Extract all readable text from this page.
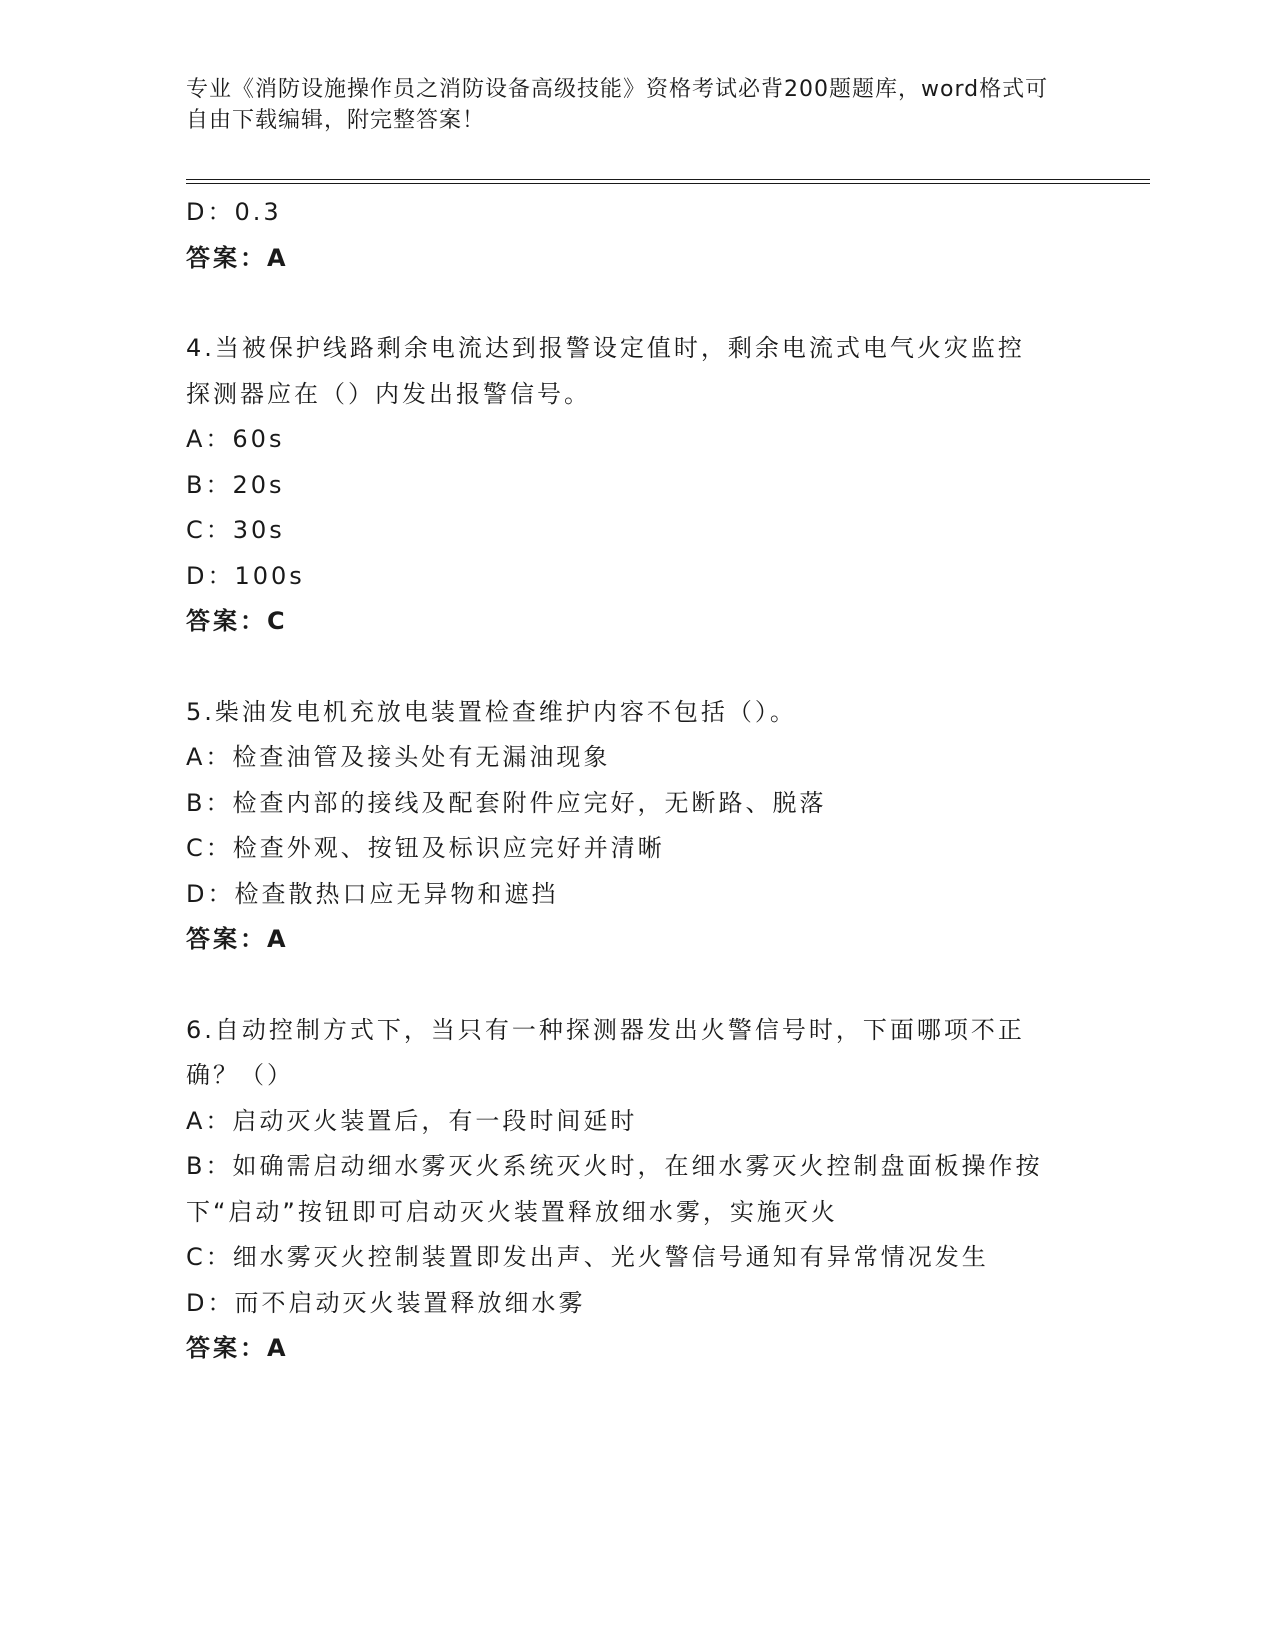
专业《消防设施操作员之消防设备高级技能》资格考试必背200题题库，word格式可自由下载编辑，附完整答案！
D：0.3
答案：A
4.当被保护线路剩余电流达到报警设定值时，剩余电流式电气火灾监控探测器应在（）内发出报警信号。
A：60s
B：20s
C：30s
D：100s
答案：C
5.柴油发电机充放电装置检查维护内容不包括（）。
A：检查油管及接头处有无漏油现象
B：检查内部的接线及配套附件应完好，无断路、脱落
C：检查外观、按钮及标识应完好并清晰
D：检查散热口应无异物和遮挡
答案：A
6.自动控制方式下，当只有一种探测器发出火警信号时，下面哪项不正确？（）
A：启动灭火装置后，有一段时间延时
B：如确需启动细水雾灭火系统灭火时，在细水雾灭火控制盘面板操作按下“启动”按钮即可启动灭火装置释放细水雾，实施灭火
C：细水雾灭火控制装置即发出声、光火警信号通知有异常情况发生
D：而不启动灭火装置释放细水雾
答案：A
